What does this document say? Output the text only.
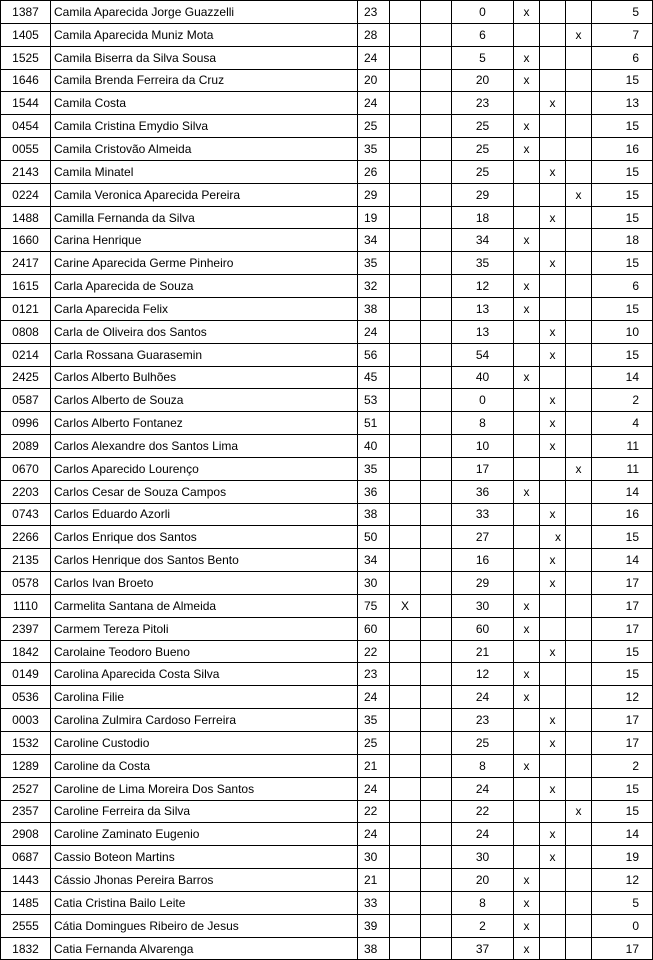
1387	Camila Aparecida Jorge Guazzelli	23			0	x			5
1405	Camila Aparecida Muniz Mota	28			6			x	7
1525	Camila Biserra da Silva Sousa	24			5	x			6
1646	Camila Brenda Ferreira da Cruz	20			20	x			15
1544	Camila Costa	24			23		x		13
0454	Camila Cristina Emydio Silva	25			25	x			15
0055	Camila Cristovão Almeida	35			25	x			16
2143	Camila Minatel	26			25		x		15
0224	Camila Veronica Aparecida Pereira	29			29			x	15
1488	Camilla Fernanda da Silva	19			18		x		15
1660	Carina Henrique	34			34	x			18
2417	Carine Aparecida Germe Pinheiro	35			35		x		15
1615	Carla Aparecida de Souza	32			12	x			6
0121	Carla Aparecida Felix	38			13	x			15
0808	Carla de Oliveira dos Santos	24			13		x		10
0214	Carla Rossana Guarasemin	56			54		x		15
2425	Carlos Alberto Bulhões	45			40	x			14
0587	Carlos Alberto de Souza	53			0		x		2
0996	Carlos Alberto Fontanez	51			8		x		4
2089	Carlos Alexandre dos Santos Lima	40			10		x		11
0670	Carlos Aparecido Lourenço	35			17			x	11
2203	Carlos Cesar de Souza Campos	36			36	x			14
0743	Carlos Eduardo Azorli	38			33		x		16
2266	Carlos Enrique dos Santos	50			27			x	15
2135	Carlos Henrique dos Santos Bento	34			16		x		14
0578	Carlos Ivan Broeto	30			29		x		17
1110	Carmelita Santana de Almeida	75	X		30	x			17
2397	Carmem Tereza Pitoli	60			60	x			17
1842	Carolaine Teodoro Bueno	22			21		x		15
0149	Carolina Aparecida Costa Silva	23			12	x			15
0536	Carolina Filie	24			24	x			12
0003	Carolina Zulmira Cardoso Ferreira	35			23		x		17
1532	Caroline Custodio	25			25		x		17
1289	Caroline da Costa	21			8	x			2
2527	Caroline de Lima Moreira Dos Santos	24			24		x		15
2357	Caroline Ferreira da Silva	22			22			x	15
2908	Caroline Zaminato Eugenio	24			24		x		14
0687	Cassio Boteon Martins	30			30		x		19
1443	Cássio Jhonas Pereira Barros	21			20	x			12
1485	Catia Cristina Bailo Leite	33			8	x			5
2555	Cátia Domingues Ribeiro de Jesus	39			2	x			0
1832	Catia Fernanda Alvarenga	38			37	x			17
